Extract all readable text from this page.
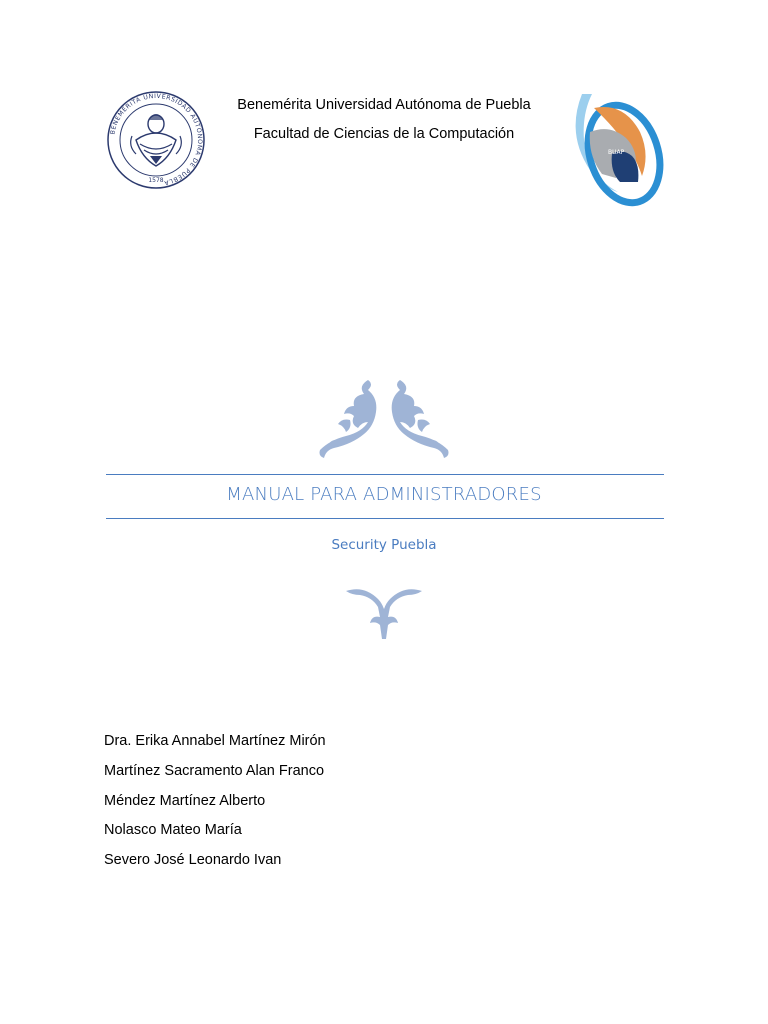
BENEMÉRITA UNIVERSIDAD AUTÓNOMA DE PUEBLA
1578
Benemérita Universidad Autónoma de Puebla
Facultad de Ciencias de la Computación
BUAP
MANUAL PARA ADMINISTRADORES
Security Puebla
Dra. Erika Annabel Martínez Mirón
Martínez Sacramento Alan Franco
Méndez Martínez Alberto
Nolasco Mateo María
Severo José Leonardo Ivan
